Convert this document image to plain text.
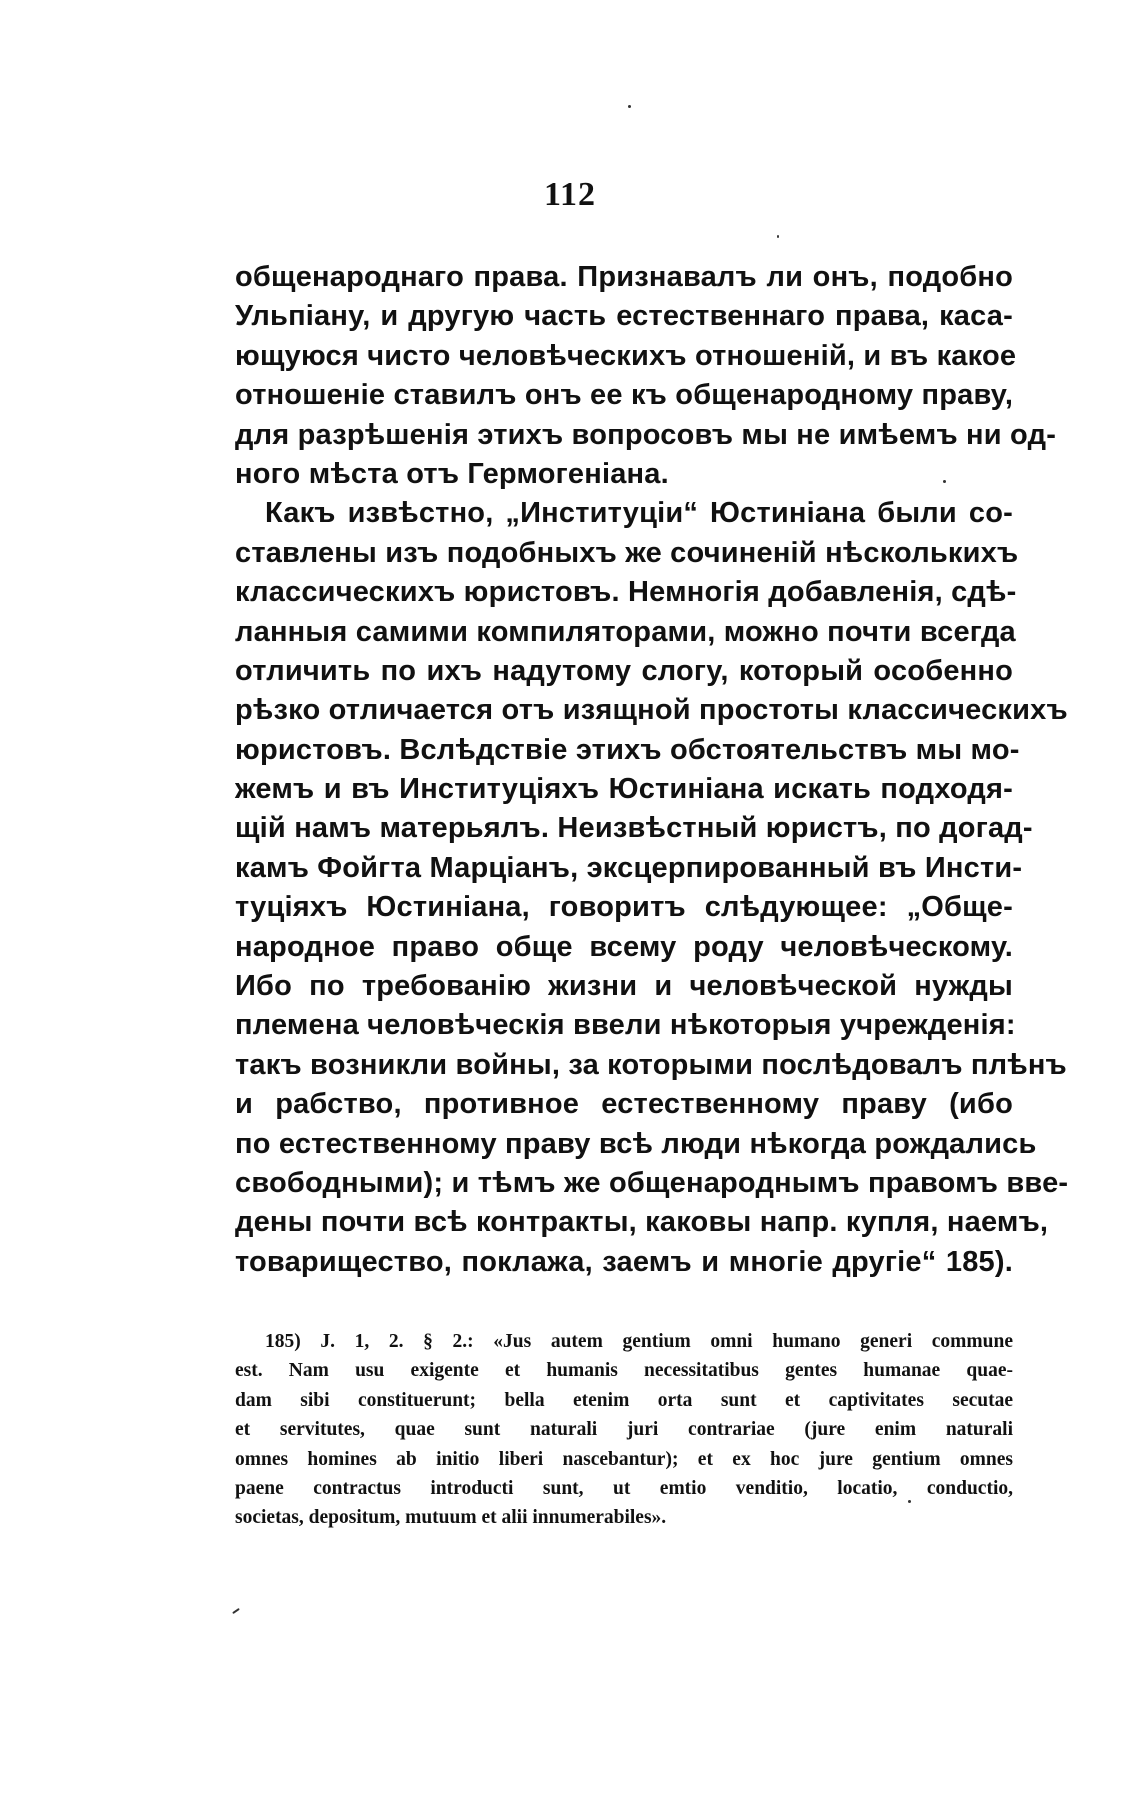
112
общенароднаго права. Признавалъ ли онъ, подобно
Ульпіану, и другую часть естественнаго права, каса-
ющуюся чисто человѣческихъ отношеній, и въ какое
отношеніе ставилъ онъ ее къ общенародному праву,
для разрѣшенія этихъ вопросовъ мы не имѣемъ ни од-
ного мѣста отъ Гермогеніана.
Какъ извѣстно, „Институціи“ Юстиніана были со-
ставлены изъ подобныхъ же сочиненій нѣсколькихъ
классическихъ юристовъ. Немногія добавленія, сдѣ-
ланныя самими компиляторами, можно почти всегда
отличить по ихъ надутому слогу, который особенно
рѣзко отличается отъ изящной простоты классическихъ
юристовъ. Вслѣдствіе этихъ обстоятельствъ мы мо-
жемъ и въ Институціяхъ Юстиніана искать подходя-
щій намъ матерьялъ. Неизвѣстный юристъ, по догад-
камъ Фойгта Марціанъ, эксцерпированный въ Инсти-
туціяхъ Юстиніана, говоритъ слѣдующее: „Обще-
народное право обще всему роду человѣческому.
Ибо по требованію жизни и человѣческой нужды
племена человѣческія ввели нѣкоторыя учрежденія:
такъ возникли войны, за которыми послѣдовалъ плѣнъ
и рабство, противное естественному праву (ибо
по естественному праву всѣ люди нѣкогда рождались
свободными); и тѣмъ же общенароднымъ правомъ вве-
дены почти всѣ контракты, каковы напр. купля, наемъ,
товарищество, поклажа, заемъ и многіе другіе“ 185).
185) J. 1, 2. § 2.: «Jus autem gentium omni humano generi commune
est. Nam usu exigente et humanis necessitatibus gentes humanae quae-
dam sibi constituerunt; bella etenim orta sunt et captivitates secutae
et servitutes, quae sunt naturali juri contrariae (jure enim naturali
omnes homines ab initio liberi nascebantur); et ex hoc jure gentium omnes
paene contractus introducti sunt, ut emtio venditio, locatio, conductio,
societas, depositum, mutuum et alii innumerabiles».
